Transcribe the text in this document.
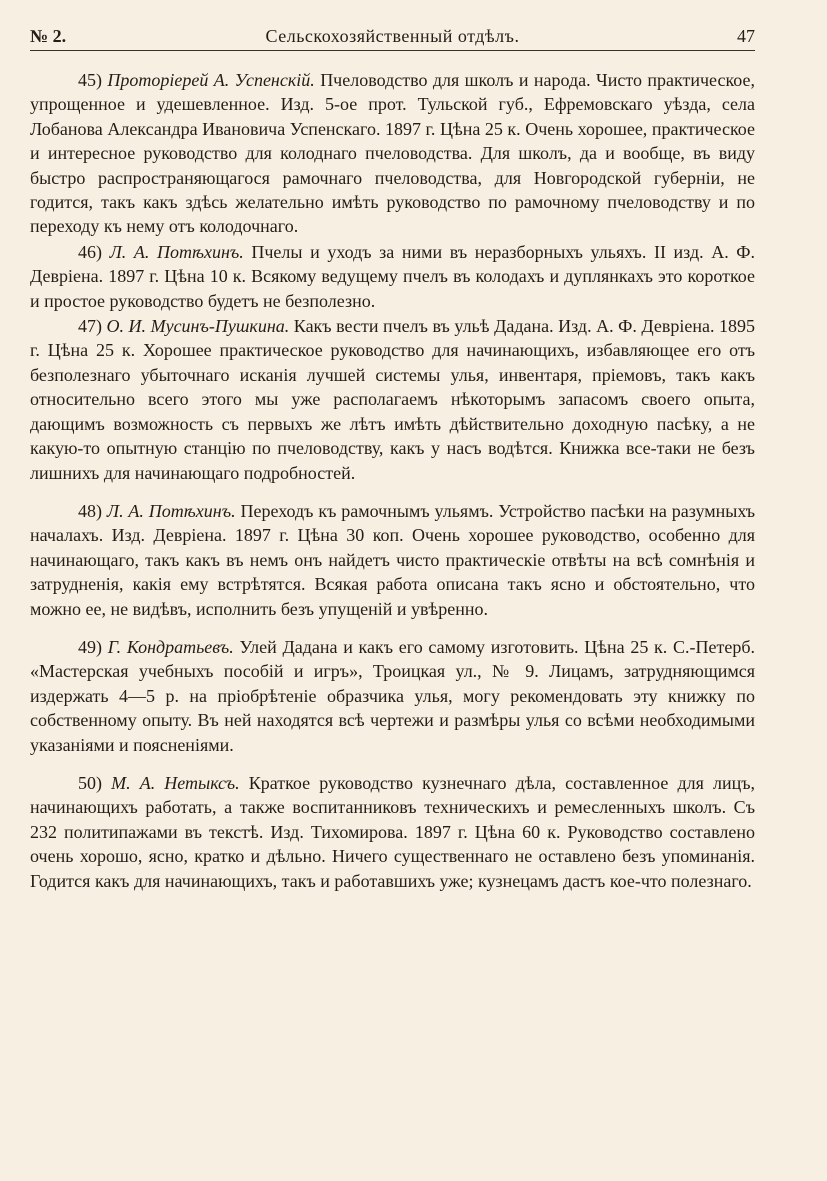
№ 2.	Сельскохозяйственный отдѣлъ.	47

45) Проторіерей А. Успенскій. Пчеловодство для школъ и народа. Чисто практическое, упрощенное и удешевленное. Изд. 5-ое прот. Тульской губ., Ефремовскаго уѣзда, села Лобанова Александра Ивановича Успенскаго. 1897 г. Цѣна 25 к. Очень хорошее, практическое и интересное руководство для колоднаго пчеловодства. Для школъ, да и вообще, въ виду быстро распространяющагося рамочнаго пчеловодства, для Новгородской губерніи, не годится, такъ какъ здѣсь желательно имѣть руководство по рамочному пчеловодству и по переходу къ нему отъ колодочнаго.

46) Л. А. Потѣхинъ. Пчелы и уходъ за ними въ неразборныхъ ульяхъ. II изд. А. Ф. Девріена. 1897 г. Цѣна 10 к. Всякому ведущему пчелъ въ колодахъ и дуплянкахъ это короткое и простое руководство будетъ не безполезно.

47) О. И. Мусинъ-Пушкина. Какъ вести пчелъ въ ульѣ Дадана. Изд. А. Ф. Девріена. 1895 г. Цѣна 25 к. Хорошее практическое руководство для начинающихъ, избавляющее его отъ безполезнаго убыточнаго исканія лучшей системы улья, инвентаря, пріемовъ, такъ какъ относительно всего этого мы уже располагаемъ нѣкоторымъ запасомъ своего опыта, дающимъ возможность съ первыхъ же лѣтъ имѣть дѣйствительно доходную пасѣку, а не какую-то опытную станцію по пчеловодству, какъ у насъ водѣтся. Книжка все-таки не безъ лишнихъ для начинающаго подробностей.

48) Л. А. Потѣхинъ. Переходъ къ рамочнымъ ульямъ. Устройство пасѣки на разумныхъ началахъ. Изд. Девріена. 1897 г. Цѣна 30 коп. Очень хорошее руководство, особенно для начинающаго, такъ какъ въ немъ онъ найдетъ чисто практическіе отвѣты на всѣ сомнѣнія и затрудненія, какія ему встрѣтятся. Всякая работа описана такъ ясно и обстоятельно, что можно ее, не видѣвъ, исполнить безъ упущеній и увѣренно.

49) Г. Кондратьевъ. Улей Дадана и какъ его самому изготовить. Цѣна 25 к. С.-Петерб. «Мастерская учебныхъ пособій и игръ», Троицкая ул., № 9. Лицамъ, затрудняющимся издержать 4—5 р. на пріобрѣтеніе образчика улья, могу рекомендовать эту книжку по собственному опыту. Въ ней находятся всѣ чертежи и размѣры улья со всѣми необходимыми указаніями и поясненіями.

50) М. А. Нетыксъ. Краткое руководство кузнечнаго дѣла, составленное для лицъ, начинающихъ работать, а также воспитанниковъ техническихъ и ремесленныхъ школъ. Съ 232 политипажами въ текстѣ. Изд. Тихомирова. 1897 г. Цѣна 60 к. Руководство составлено очень хорошо, ясно, кратко и дѣльно. Ничего существеннаго не оставлено безъ упоминанія. Годится какъ для начинающихъ, такъ и работавшихъ уже; кузнецамъ дастъ кое-что полезнаго.
